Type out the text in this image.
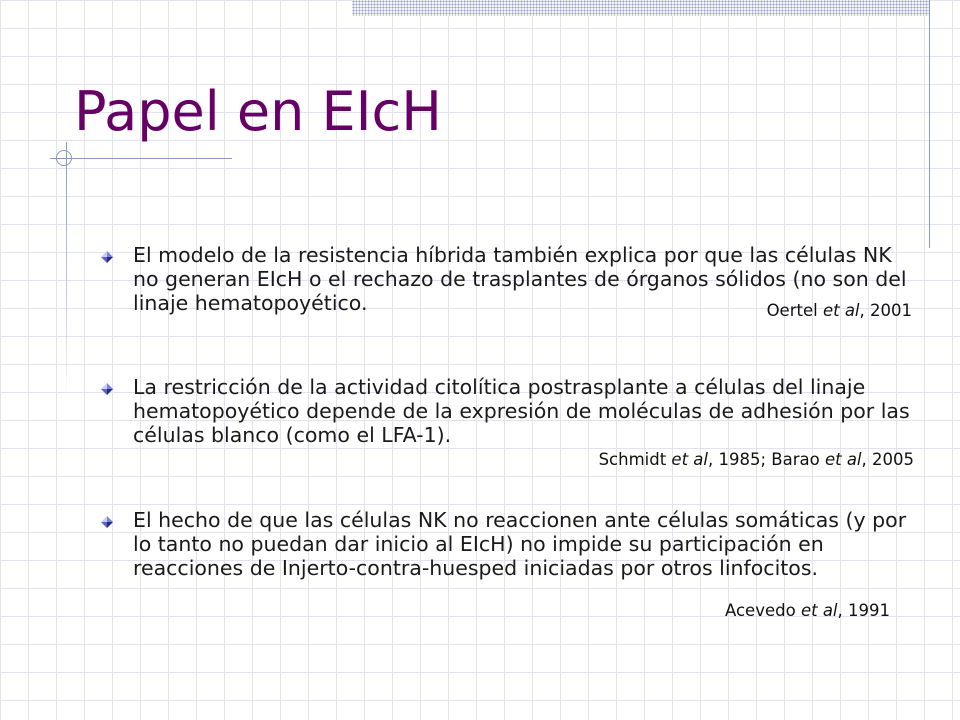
Papel en EIcH

El modelo de la resistencia híbrida también explica por que las células NK no generan EIcH o el rechazo de trasplantes de órganos sólidos (no son del linaje hematopoyético.	Oertel et al, 2001

La restricción de la actividad citolítica postrasplante a células del linaje hematopoyético depende de la expresión de moléculas de adhesión por las células blanco (como el LFA-1).

Schmidt et al, 1985; Barao et al, 2005

El hecho de que las células NK no reaccionen ante células somáticas (y por lo tanto no puedan dar inicio al EIcH) no impide su participación en reacciones de Injerto-contra-huesped iniciadas por otros linfocitos.

Acevedo et al, 1991
